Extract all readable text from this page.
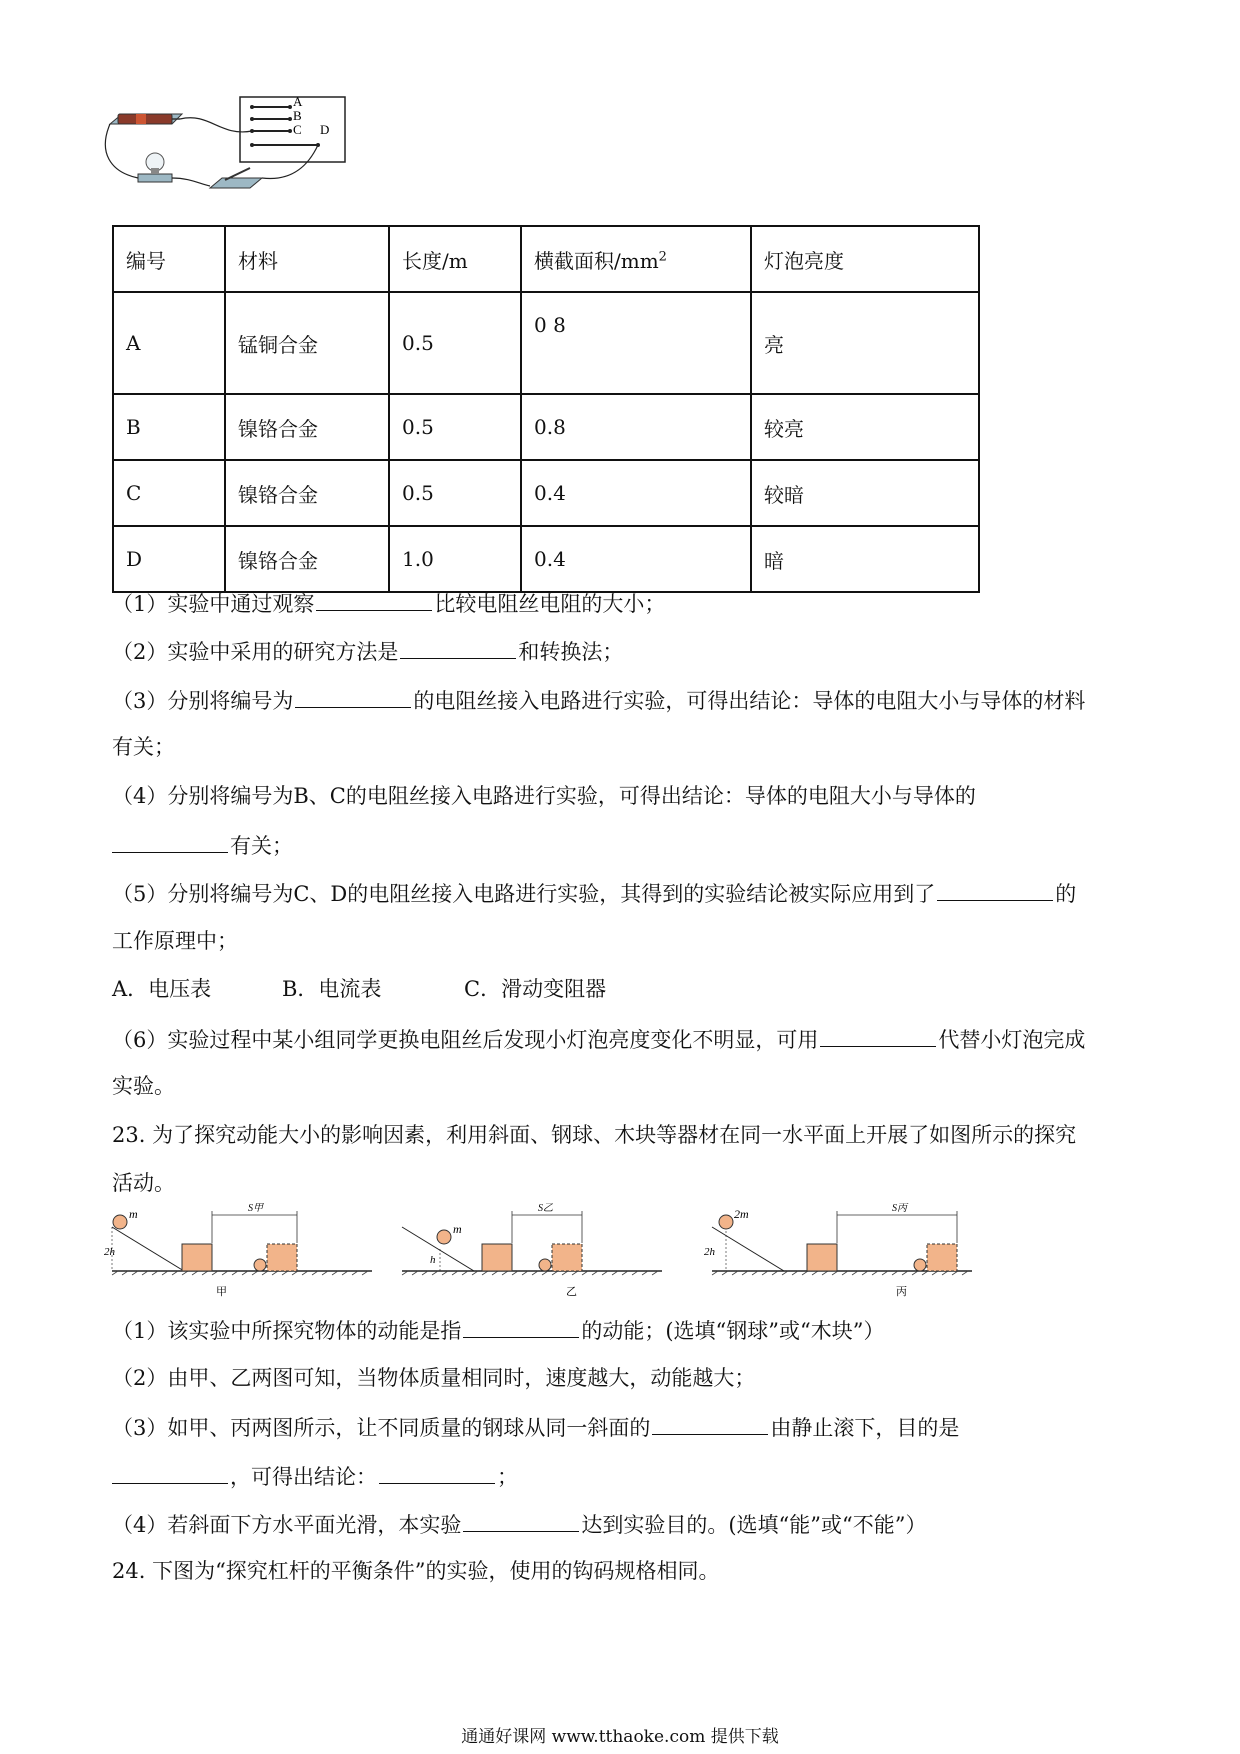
A
B
C D
编号	材料	长度/m	横截面积$/mm^2$	灯泡亮度
A	锰铜合金	0.5	0 8	亮
B	镍铬合金	0.5	0.8	较亮
C	镍铬合金	0.5	0.4	较暗
D	镍铬合金	1.0	0.4	暗
（1）实验中通过观察	比较电阻丝电阻的大小；
（2）实验中采用的研究方法是	和转换法；
（3）分别将编号为	的电阻丝接入电路进行实验，可得出结论：导体的电阻大小与导体的材料
有关；
（4）分别将编号为B、C的电阻丝接入电路进行实验，可得出结论：导体的电阻大小与导体的
有关；
（5）分别将编号为C、D的电阻丝接入电路进行实验，其得到的实验结论被实际应用到了	的
工作原理中；
A．电压表	B．电流表	C．滑动变阻器
（6）实验过程中某小组同学更换电阻丝后发现小灯泡亮度变化不明显，可用	代替小灯泡完成
实验。
23. 为了探究动能大小的影响因素，利用斜面、钢球、木块等器材在同一水平面上开展了如图所示的探究
活动。
m
2h
S甲
甲
m
h
S乙
乙
2m
2h
S丙
丙
（1）该实验中所探究物体的动能是指	的动能；(选填“钢球”或“木块”）
（2）由甲、乙两图可知，当物体质量相同时，速度越大，动能越大；
（3）如甲、丙两图所示，让不同质量的钢球从同一斜面的	由静止滚下，目的是
，可得出结论：	；
（4）若斜面下方水平面光滑，本实验	达到实验目的。(选填“能”或“不能”）
24. 下图为“探究杠杆的平衡条件”的实验，使用的钩码规格相同。
通通好课网 www.tthaoke.com 提供下载
